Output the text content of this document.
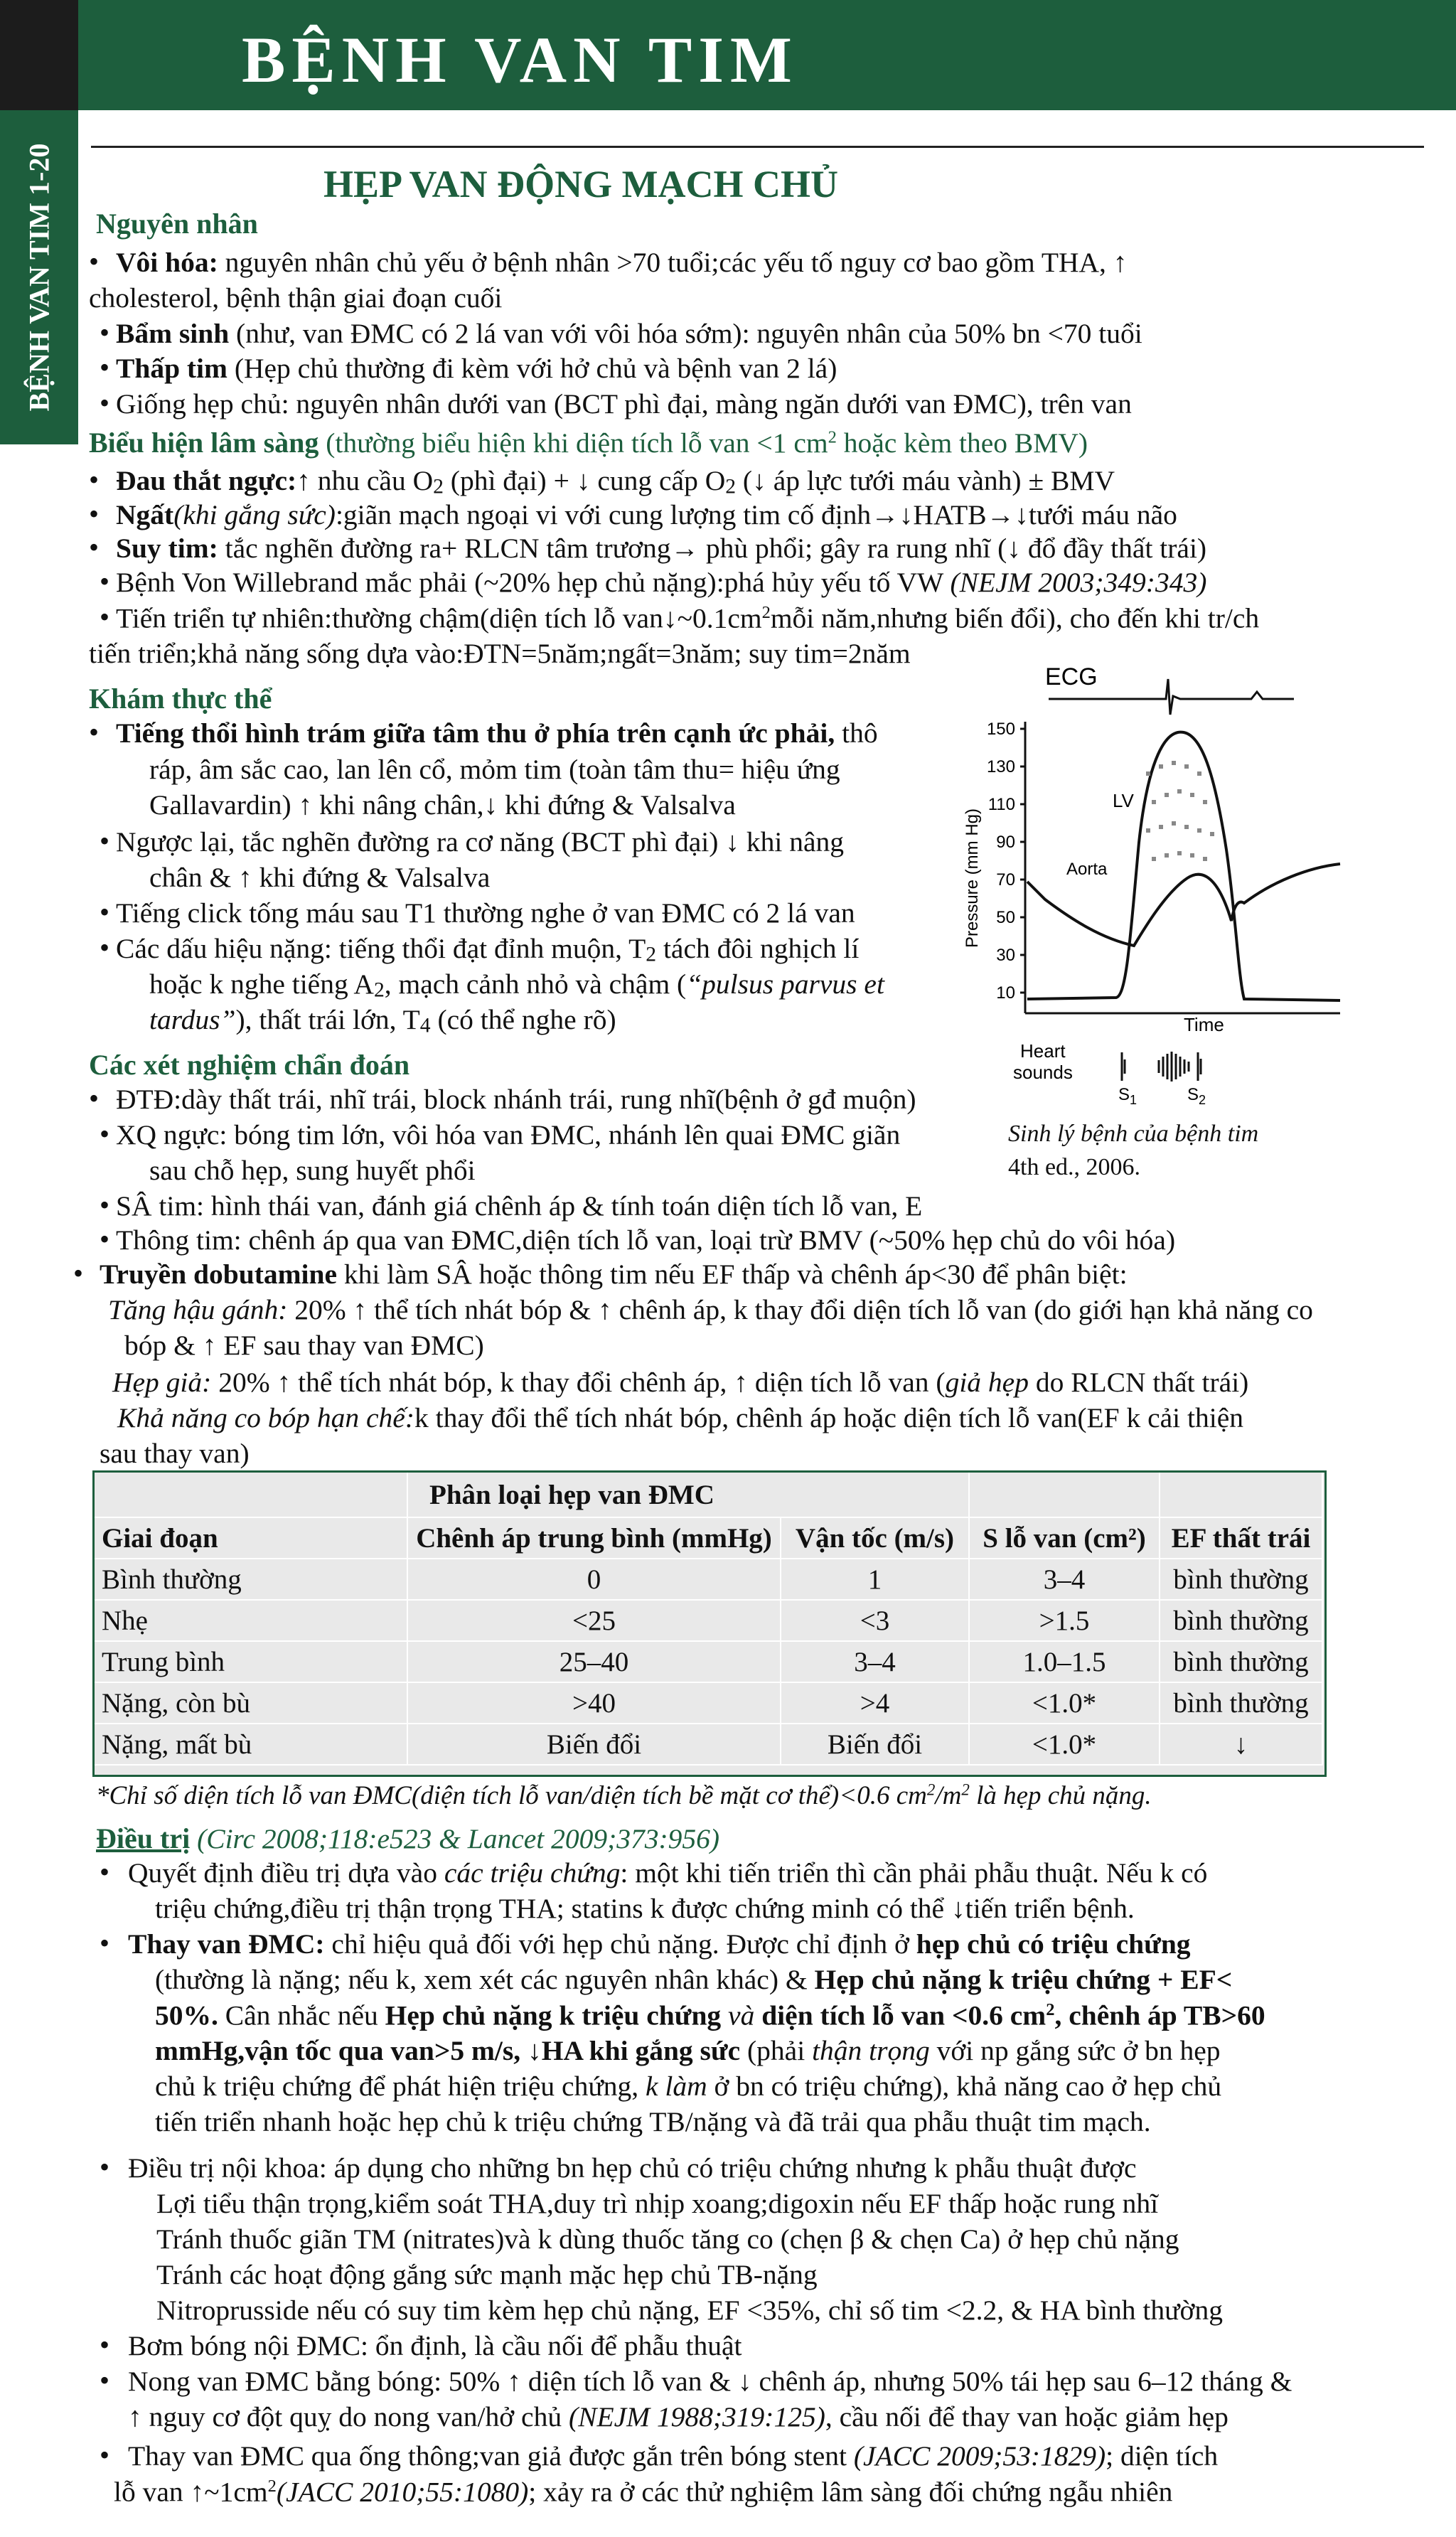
BỆNH VAN TIM
BỆNH VAN TIM 1-20	HẸP VAN ĐỘNG MẠCH CHỦ
Nguyên nhân
• Vôi hóa: nguyên nhân chủ yếu ở bệnh nhân >70 tuổi;các yếu tố nguy cơ bao gồm THA, ↑
cholesterol, bệnh thận giai đoạn cuối
• Bẩm sinh (như, van ĐMC có 2 lá van với vôi hóa sớm): nguyên nhân của 50% bn <70 tuổi
• Thấp tim (Hẹp chủ thường đi kèm với hở chủ và bệnh van 2 lá)
• Giống hẹp chủ: nguyên nhân dưới van (BCT phì đại, màng ngăn dưới van ĐMC), trên van
Biểu hiện lâm sàng (thường biểu hiện khi diện tích lỗ van <1 $cm^2$ hoặc kèm theo BMV)
• Đau thắt ngực:↑ nhu cầu $O_2$ (phì đại) + ↓ cung cấp $O_2$ (↓ áp lực tưới máu vành) ± BMV
• Ngất(khi gắng sức):giãn mạch ngoại vi với cung lượng tim cố định→↓HATB→↓tưới máu não
• Suy tim: tắc nghẽn đường ra+ RLCN tâm trương→ phù phổi; gây ra rung nhĩ (↓ đổ đầy thất trái)
• Bệnh Von Willebrand mắc phải (~20% hẹp chủ nặng):phá hủy yếu tố VW (NEJM 2003;349:343)
• Tiến triển tự nhiên:thường chậm(diện tích lỗ $van↓\sim 0.1cm^2mỗi$ năm,nhưng biến đổi), cho đến khi tr/ch
tiến triển;khả năng sống dựa vào:ĐTN=5năm;ngất=3năm; suy tim=2năm
Khám thực thể
• Tiếng thổi hình trám giữa tâm thu ở phía trên cạnh ức phải, thô
ráp, âm sắc cao, lan lên cổ, mỏm tim (toàn tâm thu= hiệu ứng
Gallavardin) ↑ khi nâng chân,↓ khi đứng & Valsalva
• Ngược lại, tắc nghẽn đường ra cơ năng (BCT phì đại) ↓ khi nâng
chân & ↑ khi đứng & Valsalva
• Tiếng click tống máu sau T1 thường nghe ở van ĐMC có 2 lá van
• Các dấu hiệu nặng: tiếng thổi đạt đỉnh muộn, $T_2$ tách đôi nghịch lí
hoặc k nghe tiếng $A_2$, mạch cảnh nhỏ và chậm (“pulsus parvus et
tardus”), thất trái lớn, $T_4$ (có thể nghe rõ)
Các xét nghiệm chẩn đoán
• ĐTĐ:dày thất trái, nhĩ trái, block nhánh trái, rung nhĩ(bệnh ở gđ muộn)
• XQ ngực: bóng tim lớn, vôi hóa van ĐMC, nhánh lên quai ĐMC giãn
sau chỗ hẹp, sung huyết phổi
• SÂ tim: hình thái van, đánh giá chênh áp & tính toán diện tích lỗ van, E
• Thông tim: chênh áp qua van ĐMC,diện tích lỗ van, loại trừ BMV (~50% hẹp chủ do vôi hóa)
• Truyền dobutamine khi làm SÂ hoặc thông tim nếu EF thấp và chênh áp<30 để phân biệt:
Tăng hậu gánh: 20% ↑ thể tích nhát bóp & ↑ chênh áp, k thay đổi diện tích lỗ van (do giới hạn khả năng co
bóp & ↑ EF sau thay van ĐMC)
Hẹp giả: 20% ↑ thể tích nhát bóp, k thay đổi chênh áp, ↑ diện tích lỗ van (giả hẹp do RLCN thất trái)
Khả năng co bóp hạn chế:k thay đổi thể tích nhát bóp, chênh áp hoặc diện tích lỗ van(EF k cải thiện
sau thay van)
ECG
Pressure (mm Hg)
150
130
110
90
70
50
30
10
LV
Aorta
Time
Heart
sounds
$S_1$	$S_2$
Sinh lý bệnh của bệnh tim
4th ed., 2006.
	Phân loại hẹp van ĐMC			
Giai đoạn	Chênh áp trung bình (mmHg)	Vận tốc (m/s)	S lỗ van (cm²)	EF thất trái
Bình thường	0	1	3–4	bình thường
Nhẹ	<25	<3	>1.5	bình thường
Trung bình	25–40	3–4	1.0–1.5	bình thường
Nặng, còn bù	>40	>4	<1.0*	bình thường
Nặng, mất bù	Biến đổi	Biến đổi	<1.0*	↓
*Chỉ số diện tích lỗ van ĐMC(diện tích lỗ van/diện tích bề mặt cơ thể)<0.6 $cm^2/m^2$ là hẹp chủ nặng.
Điều trị (Circ 2008;118:e523 & Lancet 2009;373:956)
• Quyết định điều trị dựa vào các triệu chứng: một khi tiến triển thì cần phải phẫu thuật. Nếu k có
triệu chứng,điều trị thận trọng THA; statins k được chứng minh có thể ↓tiến triển bệnh.
• Thay van ĐMC: chỉ hiệu quả đối với hẹp chủ nặng. Được chỉ định ở hẹp chủ có triệu chứng
(thường là nặng; nếu k, xem xét các nguyên nhân khác) & Hẹp chủ nặng k triệu chứng + EF<
50%. Cân nhắc nếu Hẹp chủ nặng k triệu chứng và diện tích lỗ van <0.6 $cm^2$, chênh áp TB>60
mmHg,vận tốc qua van>5 m/s, ↓HA khi gắng sức (phải thận trọng với np gắng sức ở bn hẹp
chủ k triệu chứng để phát hiện triệu chứng, k làm ở bn có triệu chứng), khả năng cao ở hẹp chủ
tiến triển nhanh hoặc hẹp chủ k triệu chứng TB/nặng và đã trải qua phẫu thuật tim mạch.
• Điều trị nội khoa: áp dụng cho những bn hẹp chủ có triệu chứng nhưng k phẫu thuật được
Lợi tiểu thận trọng,kiểm soát THA,duy trì nhịp xoang;digoxin nếu EF thấp hoặc rung nhĩ
Tránh thuốc giãn TM (nitrates)và k dùng thuốc tăng co (chẹn β & chẹn Ca) ở hẹp chủ nặng
Tránh các hoạt động gắng sức mạnh mặc hẹp chủ TB-nặng
Nitroprusside nếu có suy tim kèm hẹp chủ nặng, EF <35%, chỉ số tim <2.2, & HA bình thường
• Bơm bóng nội ĐMC: ổn định, là cầu nối để phẫu thuật
• Nong van ĐMC bằng bóng: 50% ↑ diện tích lỗ van & ↓ chênh áp, nhưng 50% tái hẹp sau 6–12 tháng &
↑ nguy cơ đột quỵ do nong van/hở chủ (NEJM 1988;319:125), cầu nối để thay van hoặc giảm hẹp
• Thay van ĐMC qua ống thông;van giả được gắn trên bóng stent (JACC 2009;53:1829); diện tích
lỗ van $↑\sim 1cm^2(JACC$ 2010;55:1080); xảy ra ở các thử nghiệm lâm sàng đối chứng ngẫu nhiên
